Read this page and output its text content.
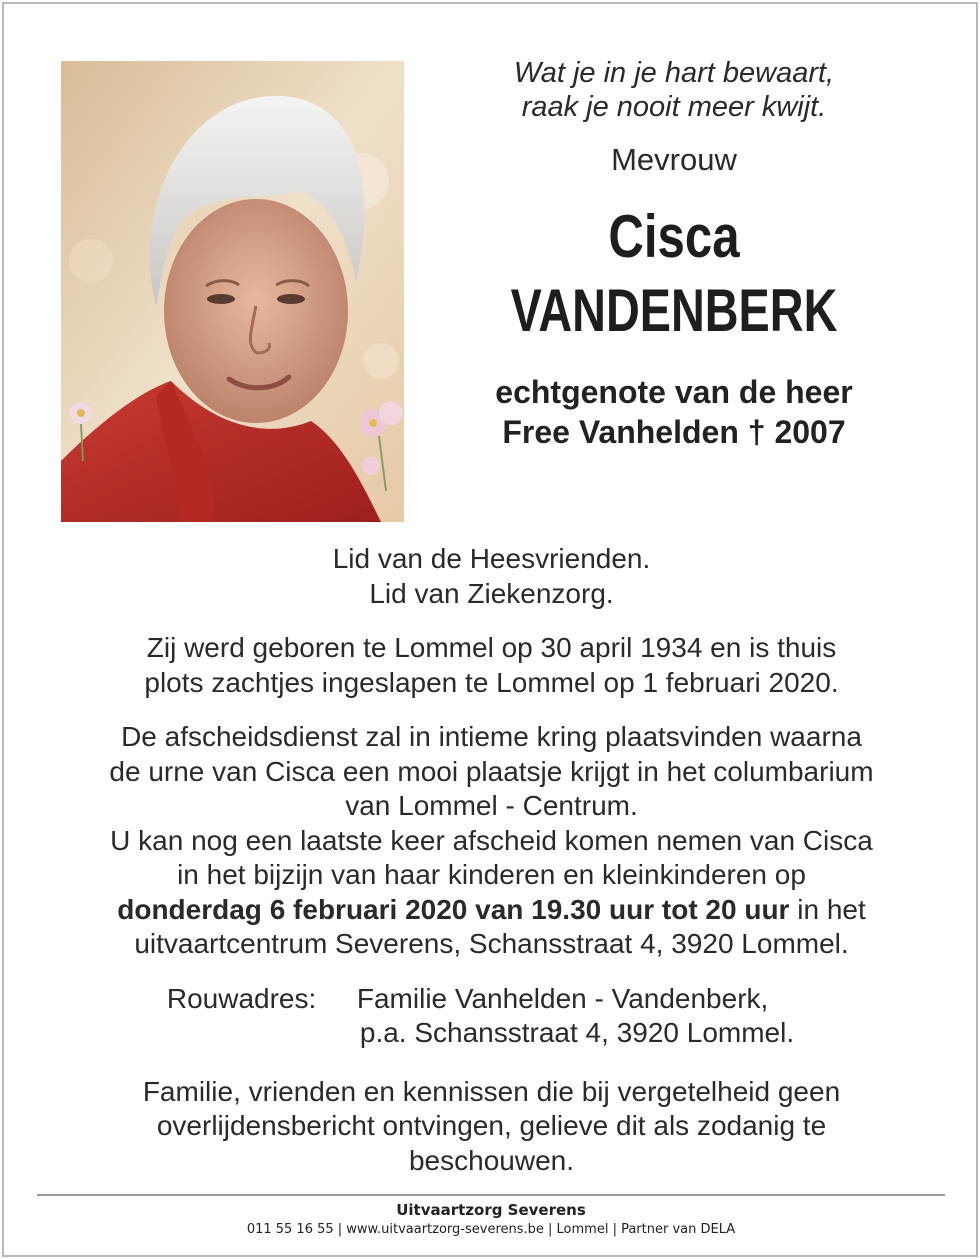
Wat je in je hart bewaart,
raak je nooit meer kwijt.
Mevrouw
Cisca
VANDENBERK
echtgenote van de heer
Free Vanhelden † 2007

Lid van de Heesvrienden.

Lid van Ziekenzorg.

Zij werd geboren te Lommel op 30 april 1934 en is thuis

plots zachtjes ingeslapen te Lommel op 1 februari 2020.

De afscheidsdienst zal in intieme kring plaatsvinden waarna

de urne van Cisca een mooi plaatsje krijgt in het columbarium

van Lommel - Centrum.

U kan nog een laatste keer afscheid komen nemen van Cisca

in het bijzijn van haar kinderen en kleinkinderen op

donderdag 6 februari 2020 van 19.30 uur tot 20 uur in het

uitvaartcentrum Severens, Schansstraat 4, 3920 Lommel.

Rouwadres:	Familie Vanhelden - Vandenberk,
p.a. Schansstraat 4, 3920 Lommel.

Familie, vrienden en kennissen die bij vergetelheid geen

overlijdensbericht ontvingen, gelieve dit als zodanig te

beschouwen.

Uitvaartzorg Severens
011 55 16 55 | www.uitvaartzorg-severens.be | Lommel | Partner van DELA
